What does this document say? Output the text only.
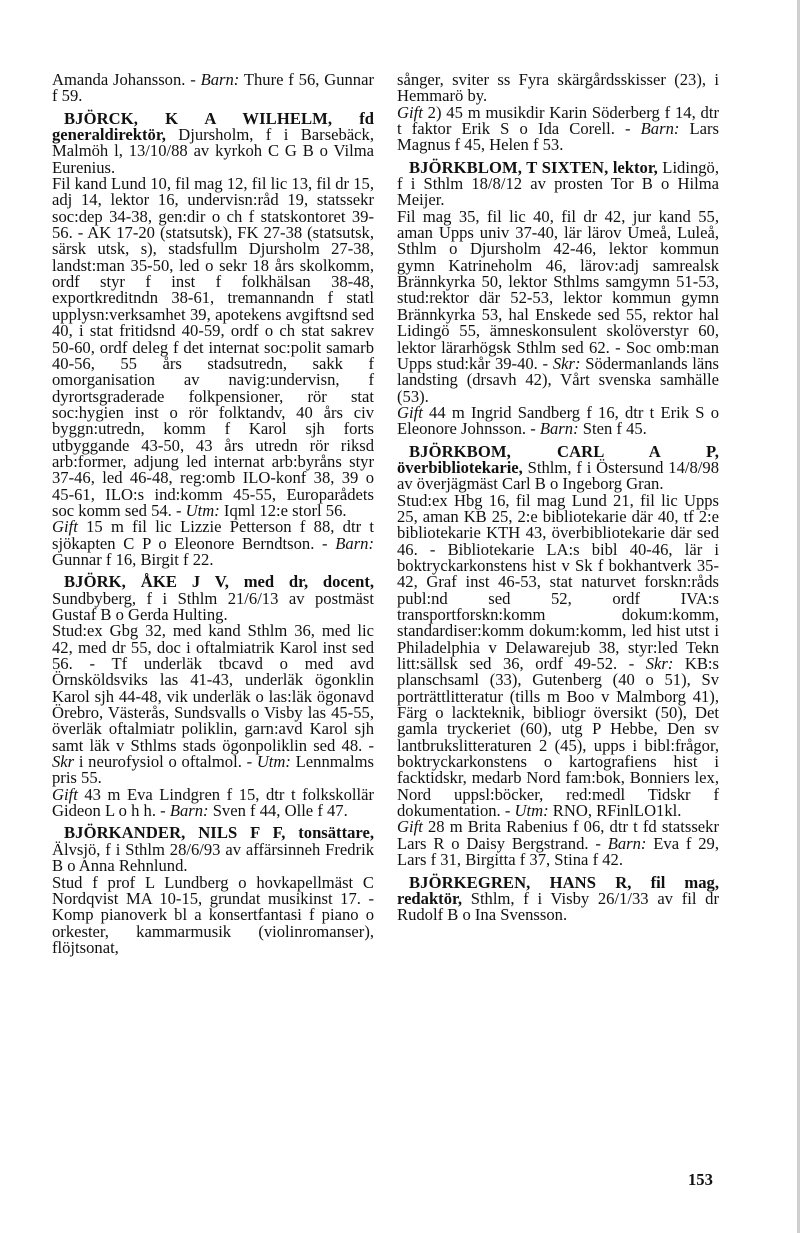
Amanda Johansson. - Barn: Thure f 56, Gunnar f 59.

BJÖRCK, K A WILHELM, fd generaldirektör, Djursholm, f i Barsebäck, Malmöh l, 13/10/88 av kyrkoh C G B o Vilma Eurenius.

Fil kand Lund 10, fil mag 12, fil lic 13, fil dr 15, adj 14, lektor 16, undervisn:råd 19, statssekr soc:dep 34-38, gen:dir o ch f statskontoret 39-56. - AK 17-20 (statsutsk), FK 27-38 (statsutsk, särsk utsk, s), stadsfullm Djursholm 27-38, landst:man 35-50, led o sekr 18 års skolkomm, ordf styr f inst f folkhälsan 38-48, exportkreditndn 38-61, tremannandn f statl upplysn:verksamhet 39, apotekens avgiftsnd sed 40, i stat fritidsnd 40-59, ordf o ch stat sakrev 50-60, ordf deleg f det internat soc:polit samarb 40-56, 55 års stadsutredn, sakk f omorganisation av navig:undervisn, f dyrortsgraderade folkpensioner, rör stat soc:hygien inst o rör folktandv, 40 års civ byggn:utredn, komm f Karol sjh forts utbyggande 43-50, 43 års utredn rör riksd arb:former, adjung led internat arb:byråns styr 37-46, led 46-48, reg:omb ILO-konf 38, 39 o 45-61, ILO:s ind:komm 45-55, Europarådets soc komm sed 54. - Utm: Iqml 12:e storl 56.

Gift 15 m fil lic Lizzie Petterson f 88, dtr t sjökapten C P o Eleonore Berndtson. - Barn: Gunnar f 16, Birgit f 22.

BJÖRK, ÅKE J V, med dr, docent, Sundbyberg, f i Sthlm 21/6/13 av postmäst Gustaf B o Gerda Hulting.

Stud:ex Gbg 32, med kand Sthlm 36, med lic 42, med dr 55, doc i oftalmiatrik Karol inst sed 56. - Tf underläk tbcavd o med avd Örnsköldsviks las 41-43, underläk ögonklin Karol sjh 44-48, vik underläk o las:läk ögonavd Örebro, Västerås, Sundsvalls o Visby las 45-55, överläk oftalmiatr poliklin, garn:avd Karol sjh samt läk v Sthlms stads ögonpoliklin sed 48. - Skr i neurofysiol o oftalmol. - Utm: Lennmalms pris 55.

Gift 43 m Eva Lindgren f 15, dtr t folkskollär Gideon L o h h. - Barn: Sven f 44, Olle f 47.

BJÖRKANDER, NILS F F, tonsättare, Älvsjö, f i Sthlm 28/6/93 av affärsinneh Fredrik B o Anna Rehnlund.

Stud f prof L Lundberg o hovkapellmäst C Nordqvist MA 10-15, grundat musikinst 17. - Komp pianoverk bl a konsertfantasi f piano o orkester, kammarmusik (violinromanser), flöjtsonat,

sånger, sviter ss Fyra skärgårdsskisser (23), i Hemmarö by.

Gift 2) 45 m musikdir Karin Söderberg f 14, dtr t faktor Erik S o Ida Corell. - Barn: Lars Magnus f 45, Helen f 53.

BJÖRKBLOM, T SIXTEN, lektor, Lidingö, f i Sthlm 18/8/12 av prosten Tor B o Hilma Meijer.

Fil mag 35, fil lic 40, fil dr 42, jur kand 55, aman Upps univ 37-40, lär lärov Umeå, Luleå, Sthlm o Djursholm 42-46, lektor kommun gymn Katrineholm 46, lärov:adj samrealsk Brännkyrka 50, lektor Sthlms samgymn 51-53, stud:rektor där 52-53, lektor kommun gymn Brännkyrka 53, hal Enskede sed 55, rektor hal Lidingö 55, ämneskonsulent skolöverstyr 60, lektor lärarhögsk Sthlm sed 62. - Soc omb:man Upps stud:kår 39-40. - Skr: Södermanlands läns landsting (drsavh 42), Vårt svenska samhälle (53).

Gift 44 m Ingrid Sandberg f 16, dtr t Erik S o Eleonore Johnsson. - Barn: Sten f 45.

BJÖRKBOM, CARL A P, överbibliotekarie, Sthlm, f i Östersund 14/8/98 av överjägmäst Carl B o Ingeborg Gran.

Stud:ex Hbg 16, fil mag Lund 21, fil lic Upps 25, aman KB 25, 2:e bibliotekarie där 40, tf 2:e bibliotekarie KTH 43, överbibliotekarie där sed 46. - Bibliotekarie LA:s bibl 40-46, lär i boktryckarkonstens hist v Sk f bokhantverk 35-42, Graf inst 46-53, stat naturvet forskn:råds publ:nd sed 52, ordf IVA:s transportforskn:komm dokum:komm, standardiser:komm dokum:komm, led hist utst i Philadelphia v Delawarejub 38, styr:led Tekn litt:sällsk sed 36, ordf 49-52. - Skr: KB:s planschsaml (33), Gutenberg (40 o 51), Sv porträttlitteratur (tills m Boo v Malmborg 41), Färg o lackteknik, bibliogr översikt (50), Det gamla tryckeriet (60), utg P Hebbe, Den sv lantbrukslitteraturen 2 (45), upps i bibl:frågor, boktryckarkonstens o kartografiens hist i facktidskr, medarb Nord fam:bok, Bonniers lex, Nord uppsl:böcker, red:medl Tidskr f dokumentation. - Utm: RNO, RFinlLO1kl.

Gift 28 m Brita Rabenius f 06, dtr t fd statssekr Lars R o Daisy Bergstrand. - Barn: Eva f 29, Lars f 31, Birgitta f 37, Stina f 42.

BJÖRKEGREN, HANS R, fil mag, redaktör, Sthlm, f i Visby 26/1/33 av fil dr Rudolf B o Ina Svensson.

153
